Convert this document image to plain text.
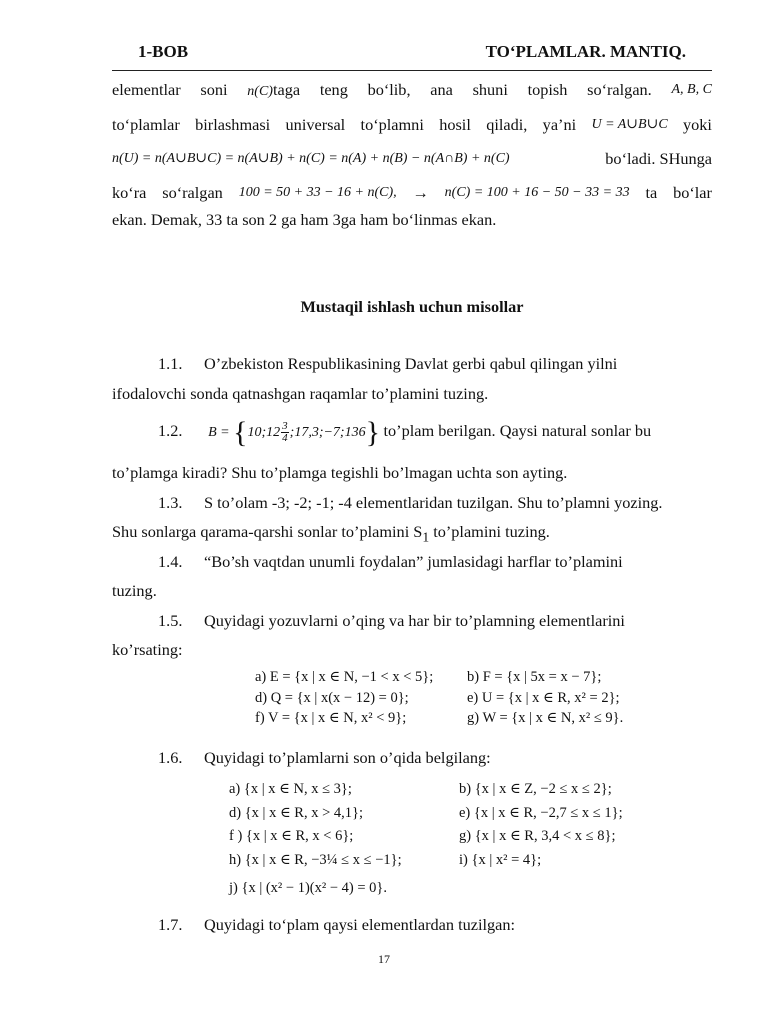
1-BOB	TO‘PLAMLAR. MANTIQ.
elementlar soni n(C)taga teng bo‘lib, ana shuni topish so‘ralgan. A, B, C
to‘plamlar birlashmasi universal to‘plamni hosil qiladi, ya’ni U = A∪B∪C yoki
n(U) = n(A∪B∪C) = n(A∪B) + n(C) = n(A) + n(B) − n(A∩B) + n(C)	bo‘ladi. SHunga
ko‘ra so‘ralgan 100 = 50 + 33 − 16 + n(C), → n(C) = 100 + 16 − 50 − 33 = 33 ta bo‘lar
ekan. Demak, 33 ta son 2 ga ham 3ga ham bo‘linmas ekan.
Mustaqil ishlash uchun misollar
1.1. O’zbekiston Respublikasining Davlat gerbi qabul qilingan yilni
ifodalovchi sonda qatnashgan raqamlar to’plamini tuzing.
1.2. B = {10;12 $\frac{3}{4}$ ;17,3;−7;136} to’plam berilgan. Qaysi natural sonlar bu
to’plamga kiradi? Shu to’plamga tegishli bo’lmagan uchta son ayting.
1.3. S to’olam -3; -2; -1; -4 elementlaridan tuzilgan. Shu to’plamni yozing.
Shu sonlarga qarama-qarshi sonlar to’plamini $S_1$ to’plamini tuzing.
1.4. “Bo’sh vaqtdan unumli foydalan” jumlasidagi harflar to’plamini
tuzing.
1.5. Quyidagi yozuvlarni o’qing va har bir to’plamning elementlarini
ko’rsating:
a) E = {x | x ∈ N, −1 < x < 5};
d) Q = {x | x(x − 12) = 0};
f) V = {x | x ∈ N, x² < 9};
b) F = {x | 5x = x − 7};
e) U = {x | x ∈ R, x² = 2};
g) W = {x | x ∈ N, x² ≤ 9}.
1.6. Quyidagi to’plamlarni son o’qida belgilang:
a) {x | x ∈ N, x ≤ 3};
d) {x | x ∈ R, x > 4,1};
f ) {x | x ∈ R, x < 6};
h) {x | x ∈ R, −3¼ ≤ x ≤ −1};
j) {x | (x² − 1)(x² − 4) = 0}.
b) {x | x ∈ Z, −2 ≤ x ≤ 2};
e) {x | x ∈ R, −2,7 ≤ x ≤ 1};
g) {x | x ∈ R, 3,4 < x ≤ 8};
i) {x | x² = 4};
1.7. Quyidagi to‘plam qaysi elementlardan tuzilgan:
17
